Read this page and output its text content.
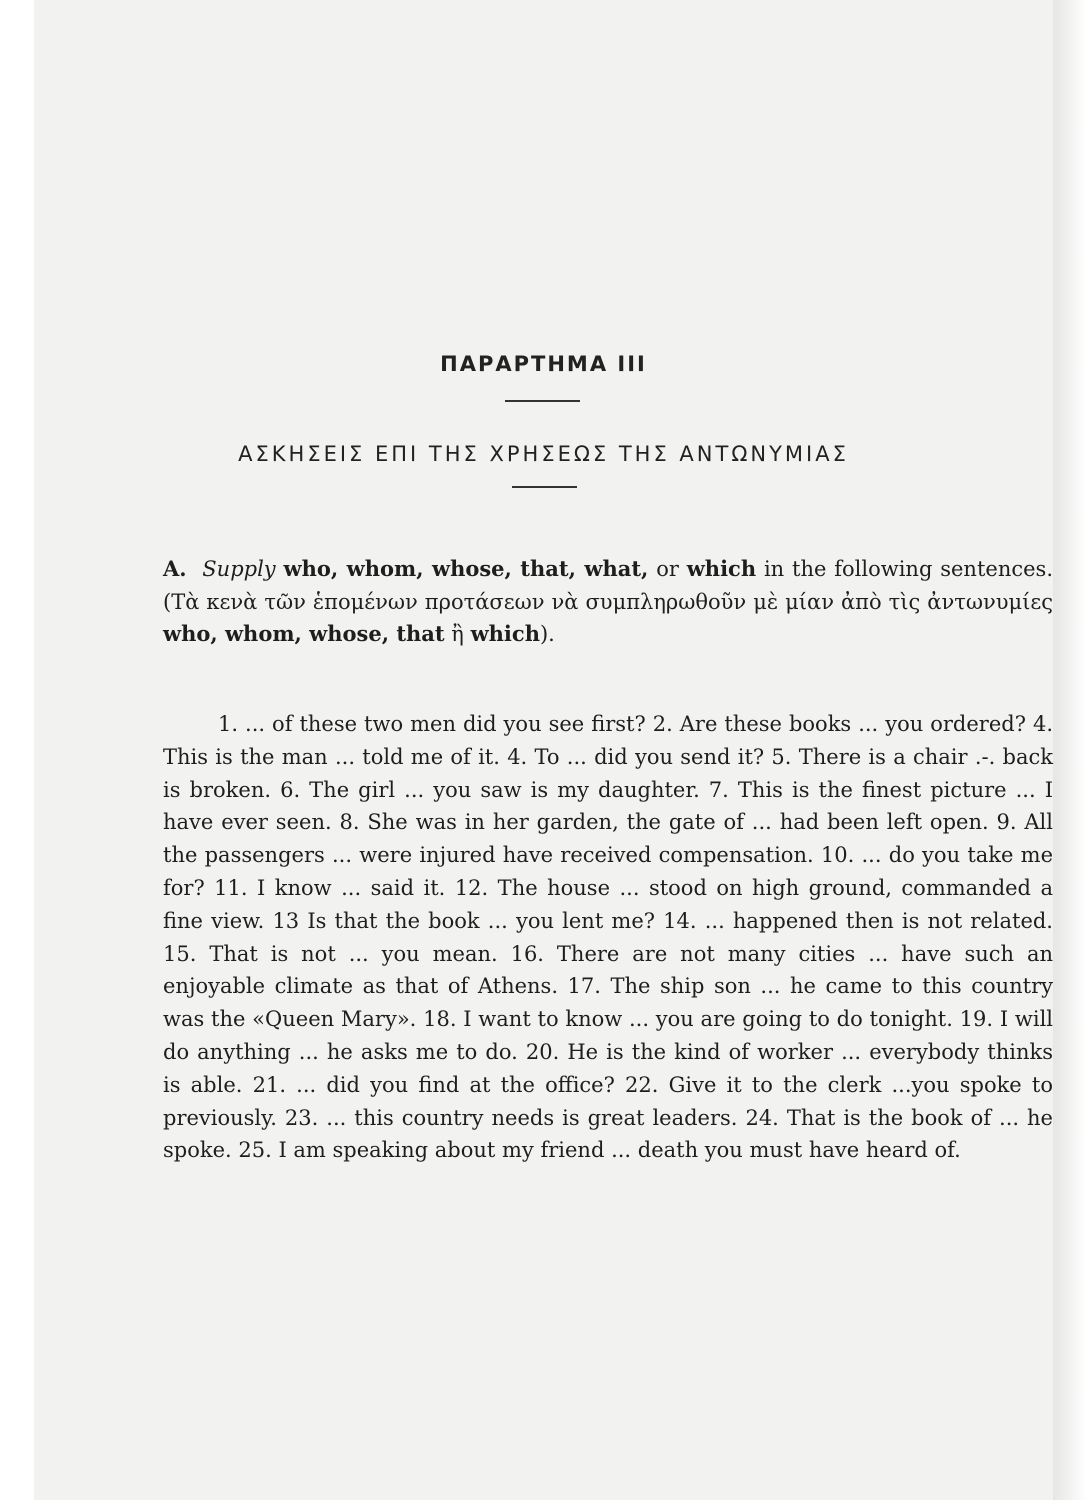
ΠΑΡΑΡΤΗΜΑ ΙΙΙ
ΑΣΚΗΣΕΙΣ ΕΠΙ ΤΗΣ ΧΡΗΣΕΩΣ ΤΗΣ ΑΝΤΩΝΥΜΙΑΣ
A. Supply who, whom, whose, that, what, or which in the following sentences. (Τὰ κενὰ τῶν ἑπομένων προτάσεων νὰ συμπληρωθοῦν μὲ μίαν ἀπὸ τὶς ἀντωνυμίες who, whom, whose, that ἢ which).
1. ... of these two men did you see first? 2. Are these books ... you ordered? 4. This is the man ... told me of it. 4. To ... did you send it? 5. There is a chair .-. back is broken. 6. The girl ... you saw is my daughter. 7. This is the finest picture ... I have ever seen. 8. She was in her garden, the gate of ... had been left open. 9. All the passengers ... were injured have received compensation. 10. ... do you take me for? 11. I know ... said it. 12. The house ... stood on high ground, commanded a fine view. 13 Is that the book ... you lent me? 14. ... happened then is not related. 15. That is not ... you mean. 16. There are not many cities ... have such an enjoyable climate as that of Athens. 17. The ship son ... he came to this country was the «Queen Mary». 18. I want to know ... you are going to do tonight. 19. I will do anything ... he asks me to do. 20. He is the kind of worker ... everybody thinks is able. 21. ... did you find at the office? 22. Give it to the clerk ...you spoke to previously. 23. ... this country needs is great leaders. 24. That is the book of ... he spoke. 25. I am speaking about my friend ... death you must have heard of.
